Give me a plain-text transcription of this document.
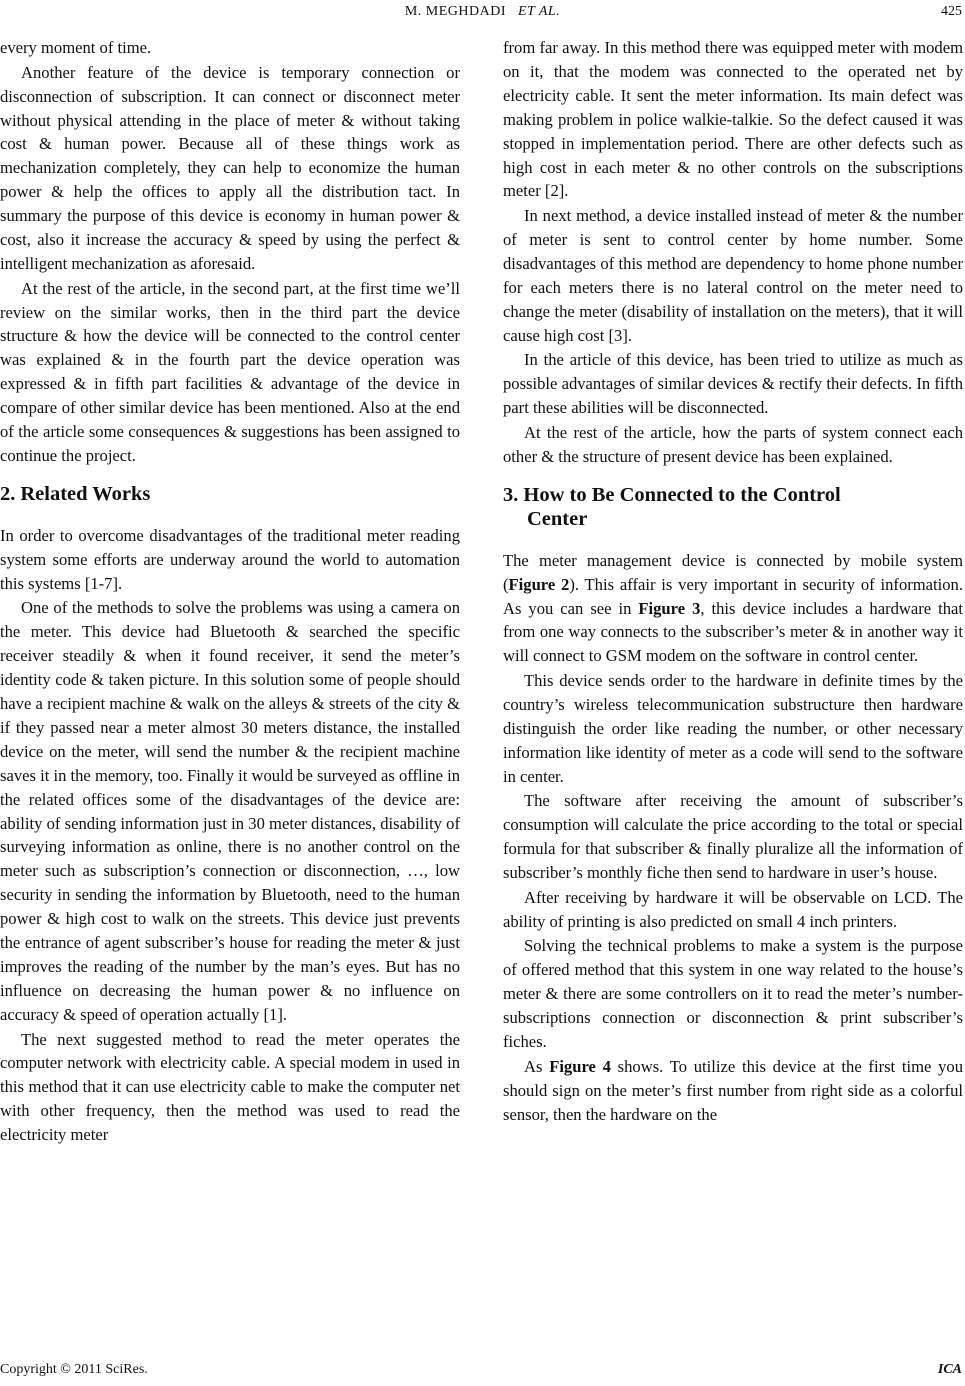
M. MEGHDADI ET AL.	425

every moment of time.

Another feature of the device is temporary connection or disconnection of subscription. It can connect or disconnect meter without physical attending in the place of meter & without taking cost & human power. Because all of these things work as mechanization completely, they can help to economize the human power & help the offices to apply all the distribution tact. In summary the purpose of this device is economy in human power & cost, also it increase the accuracy & speed by using the perfect & intelligent mechanization as aforesaid.

At the rest of the article, in the second part, at the first time we’ll review on the similar works, then in the third part the device structure & how the device will be connected to the control center was explained & in the fourth part the device operation was expressed & in fifth part facilities & advantage of the device in compare of other similar device has been mentioned. Also at the end of the article some consequences & suggestions has been assigned to continue the project.

2. Related Works

In order to overcome disadvantages of the traditional meter reading system some efforts are underway around the world to automation this systems [1-7].

One of the methods to solve the problems was using a camera on the meter. This device had Bluetooth & searched the specific receiver steadily & when it found receiver, it send the meter’s identity code & taken picture. In this solution some of people should have a recipient machine & walk on the alleys & streets of the city & if they passed near a meter almost 30 meters distance, the installed device on the meter, will send the number & the recipient machine saves it in the memory, too. Finally it would be surveyed as offline in the related offices some of the disadvantages of the device are: ability of sending information just in 30 meter distances, disability of surveying information as online, there is no another control on the meter such as subscription’s connection or disconnection, …, low security in sending the information by Bluetooth, need to the human power & high cost to walk on the streets. This device just prevents the entrance of agent subscriber’s house for reading the meter & just improves the reading of the number by the man’s eyes. But has no influence on decreasing the human power & no influence on accuracy & speed of operation actually [1].

The next suggested method to read the meter operates the computer network with electricity cable. A special modem in used in this method that it can use electricity cable to make the computer net with other frequency, then the method was used to read the electricity meter

from far away. In this method there was equipped meter with modem on it, that the modem was connected to the operated net by electricity cable. It sent the meter information. Its main defect was making problem in police walkie-talkie. So the defect caused it was stopped in implementation period. There are other defects such as high cost in each meter & no other controls on the subscriptions meter [2].

In next method, a device installed instead of meter & the number of meter is sent to control center by home number. Some disadvantages of this method are dependency to home phone number for each meters there is no lateral control on the meter need to change the meter (disability of installation on the meters), that it will cause high cost [3].

In the article of this device, has been tried to utilize as much as possible advantages of similar devices & rectify their defects. In fifth part these abilities will be disconnected.

At the rest of the article, how the parts of system connect each other & the structure of present device has been explained.

3. How to Be Connected to the Control
Center

The meter management device is connected by mobile system (Figure 2). This affair is very important in security of information. As you can see in Figure 3, this device includes a hardware that from one way connects to the subscriber’s meter & in another way it will connect to GSM modem on the software in control center.

This device sends order to the hardware in definite times by the country’s wireless telecommunication substructure then hardware distinguish the order like reading the number, or other necessary information like identity of meter as a code will send to the software in center.

The software after receiving the amount of subscriber’s consumption will calculate the price according to the total or special formula for that subscriber & finally pluralize all the information of subscriber’s monthly fiche then send to hardware in user’s house.

After receiving by hardware it will be observable on LCD. The ability of printing is also predicted on small 4 inch printers.

Solving the technical problems to make a system is the purpose of offered method that this system in one way related to the house’s meter & there are some controllers on it to read the meter’s number-subscriptions connection or disconnection & print subscriber’s fiches.

As Figure 4 shows. To utilize this device at the first time you should sign on the meter’s first number from right side as a colorful sensor, then the hardware on the

Copyright © 2011 SciRes.	ICA
